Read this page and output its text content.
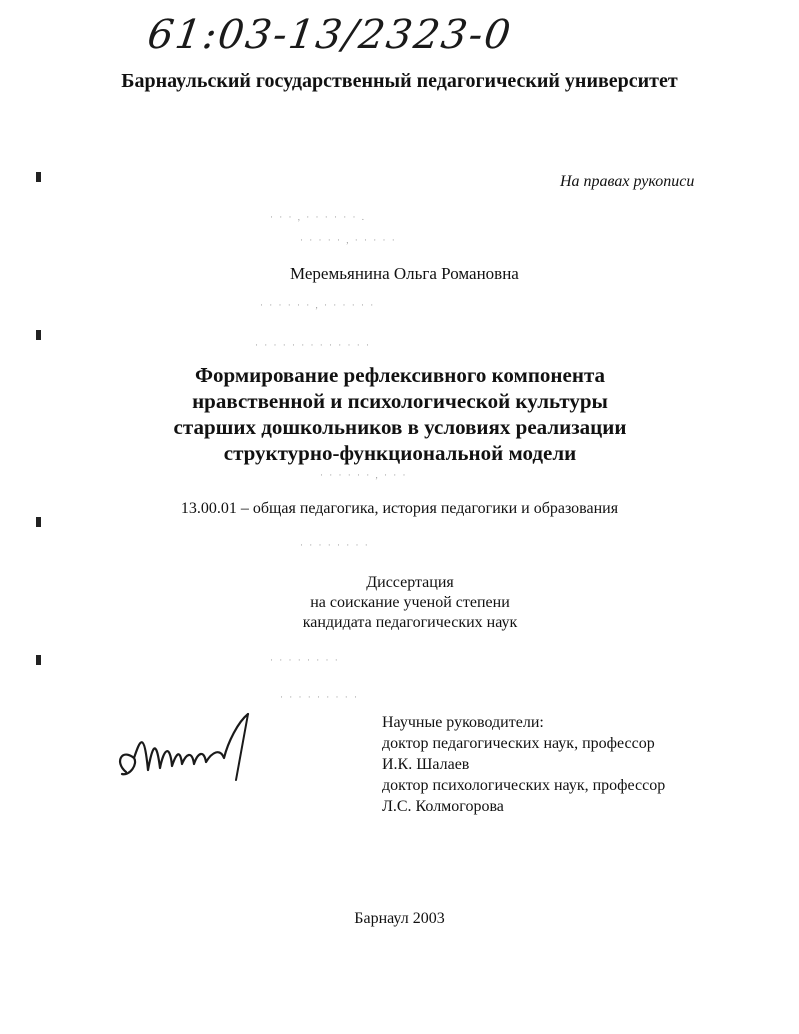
· · · , · · · · · · .
· · · · · , · · · · ·
· · · · · · , · · · · · ·
· · · · · · · · · · · · ·
· · · · · · , · · ·
· · · · · · · ·
· · · · · · · ·
· · · · · · · · ·
61:03-13/2323-0
Барнаульский государственный педагогический университет
На правах рукописи
Меремьянина Ольга Романовна
Формирование рефлексивного компонента
нравственной и психологической культуры
старших дошкольников в условиях реализации
структурно-функциональной модели
13.00.01 – общая педагогика, история педагогики и образования
Диссертация
на соискание ученой степени
кандидата педагогических наук
Научные руководители:
доктор педагогических наук, профессор
И.К. Шалаев
доктор психологических наук, профессор
Л.С. Колмогорова
Барнаул 2003
